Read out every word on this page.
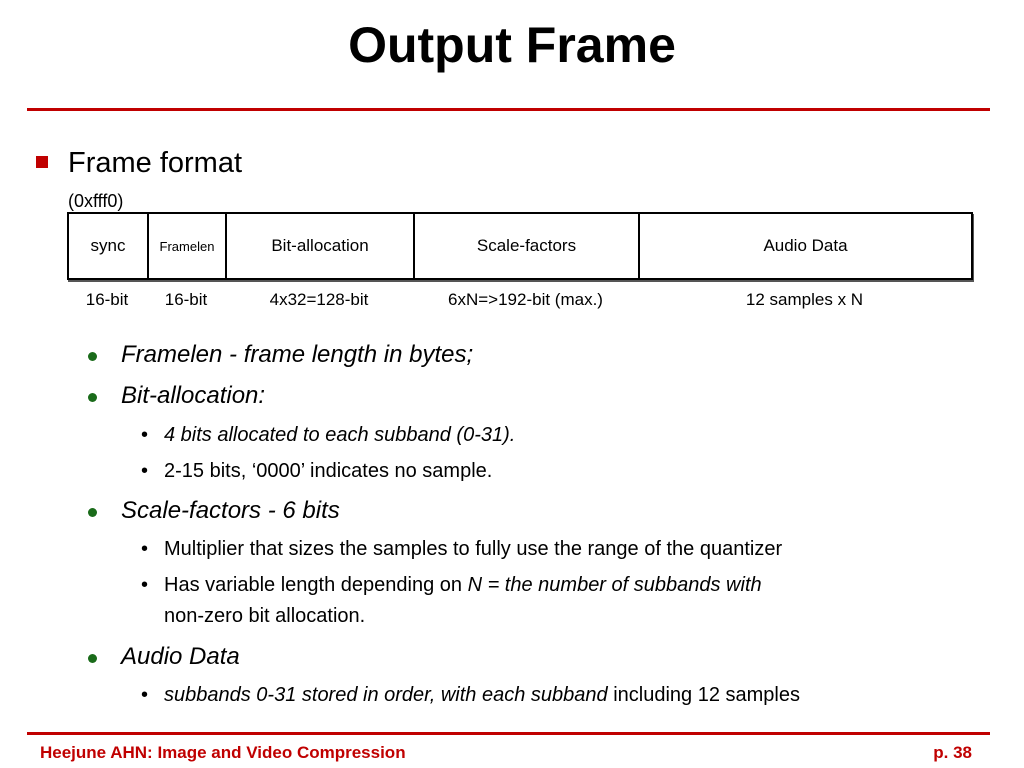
Output Frame
Frame format
(0xfff0)
sync	Framelen	Bit-allocation	Scale-factors	Audio Data
16-bit	16-bit	4x32=128-bit	6xN=>192-bit (max.)	12 samples x N
Framelen - frame length in bytes;
Bit-allocation:
• 4 bits allocated to each subband (0-31).
• 2-15 bits, ‘0000’ indicates no sample.
Scale-factors - 6 bits
• Multiplier that sizes the samples to fully use the range of the quantizer
• Has variable length depending on N = the number of subbands with
non-zero bit allocation.
Audio Data
• subbands 0-31 stored in order, with each subband including 12 samples
Heejune AHN: Image and Video Compression	p. 38
